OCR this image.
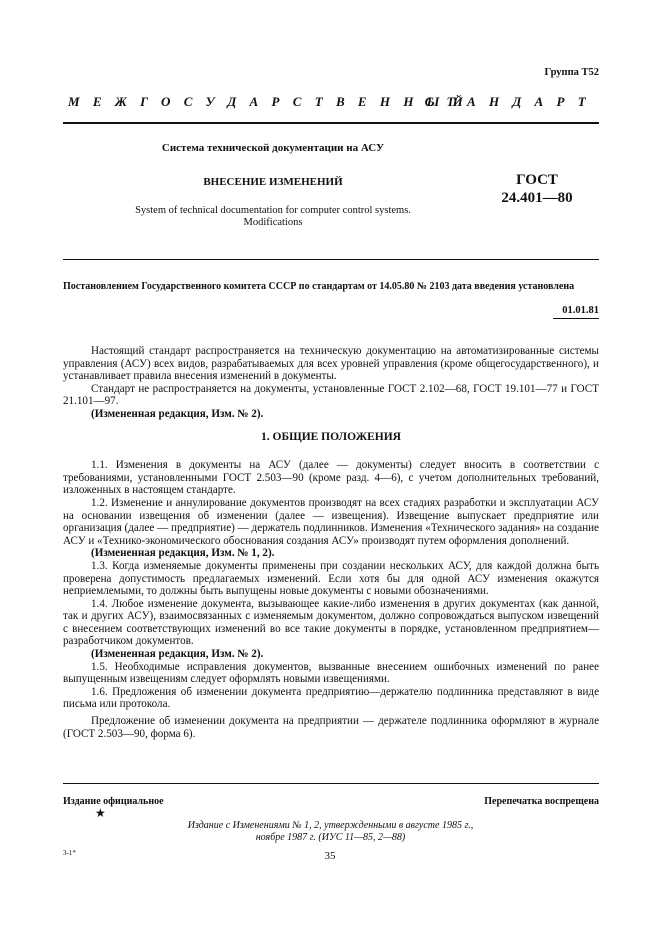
Группа Т52
МЕЖГОСУДАРСТВЕННЫЙ
СТАНДАРТ
Система технической документации на АСУ
ВНЕСЕНИЕ ИЗМЕНЕНИЙ	ГОСТ
24.401—80
System of technical documentation for computer control systems.
Modifications
Постановлением Государственного комитета СССР по стандартам от 14.05.80 № 2103 дата введения установлена
01.01.81

Настоящий стандарт распространяется на техническую документацию на автоматизированные системы управления (АСУ) всех видов, разрабатываемых для всех уровней управления (кроме общегосударственного), и устанавливает правила внесения изменений в документы.

Стандарт не распространяется на документы, установленные ГОСТ 2.102—68, ГОСТ 19.101—77 и ГОСТ 21.101—97.

(Измененная редакция, Изм. № 2).

1. ОБЩИЕ ПОЛОЖЕНИЯ

1.1. Изменения в документы на АСУ (далее — документы) следует вносить в соответствии с требованиями, установленными ГОСТ 2.503—90 (кроме разд. 4—6), с учетом дополнительных требований, изложенных в настоящем стандарте.

1.2. Изменение и аннулирование документов производят на всех стадиях разработки и эксплуатации АСУ на основании извещения об изменении (далее — извещения). Извещение выпускает предприятие или организация (далее — предприятие) — держатель подлинников. Изменения «Технического задания» на создание АСУ и «Технико-экономического обоснования создания АСУ» производят путем оформления дополнений.

(Измененная редакция, Изм. № 1, 2).

1.3. Когда изменяемые документы применены при создании нескольких АСУ, для каждой должна быть проверена допустимость предлагаемых изменений. Если хотя бы для одной АСУ изменения окажутся неприемлемыми, то должны быть выпущены новые документы с новыми обозначениями.

1.4. Любое изменение документа, вызывающее какие-либо изменения в других документах (как данной, так и других АСУ), взаимосвязанных с изменяемым документом, должно сопровождаться выпуском извещений с внесением соответствующих изменений во все такие документы в порядке, установленном предприятием—разработчиком документов.

(Измененная редакция, Изм. № 2).

1.5. Необходимые исправления документов, вызванные внесением ошибочных изменений по ранее выпущенным извещениям следует оформлять новыми извещениями.

1.6. Предложения об изменении документа предприятию—держателю подлинника представляют в виде письма или протокола.

Предложение об изменении документа на предприятии — держателе подлинника оформляют в журнале (ГОСТ 2.503—90, форма 6).

Издание официальное	Перепечатка воспрещена
★
Издание с Изменениями № 1, 2, утвержденными в августе 1985 г.,
ноябре 1987 г. (ИУС 11—85, 2—88)
3-1*	35
